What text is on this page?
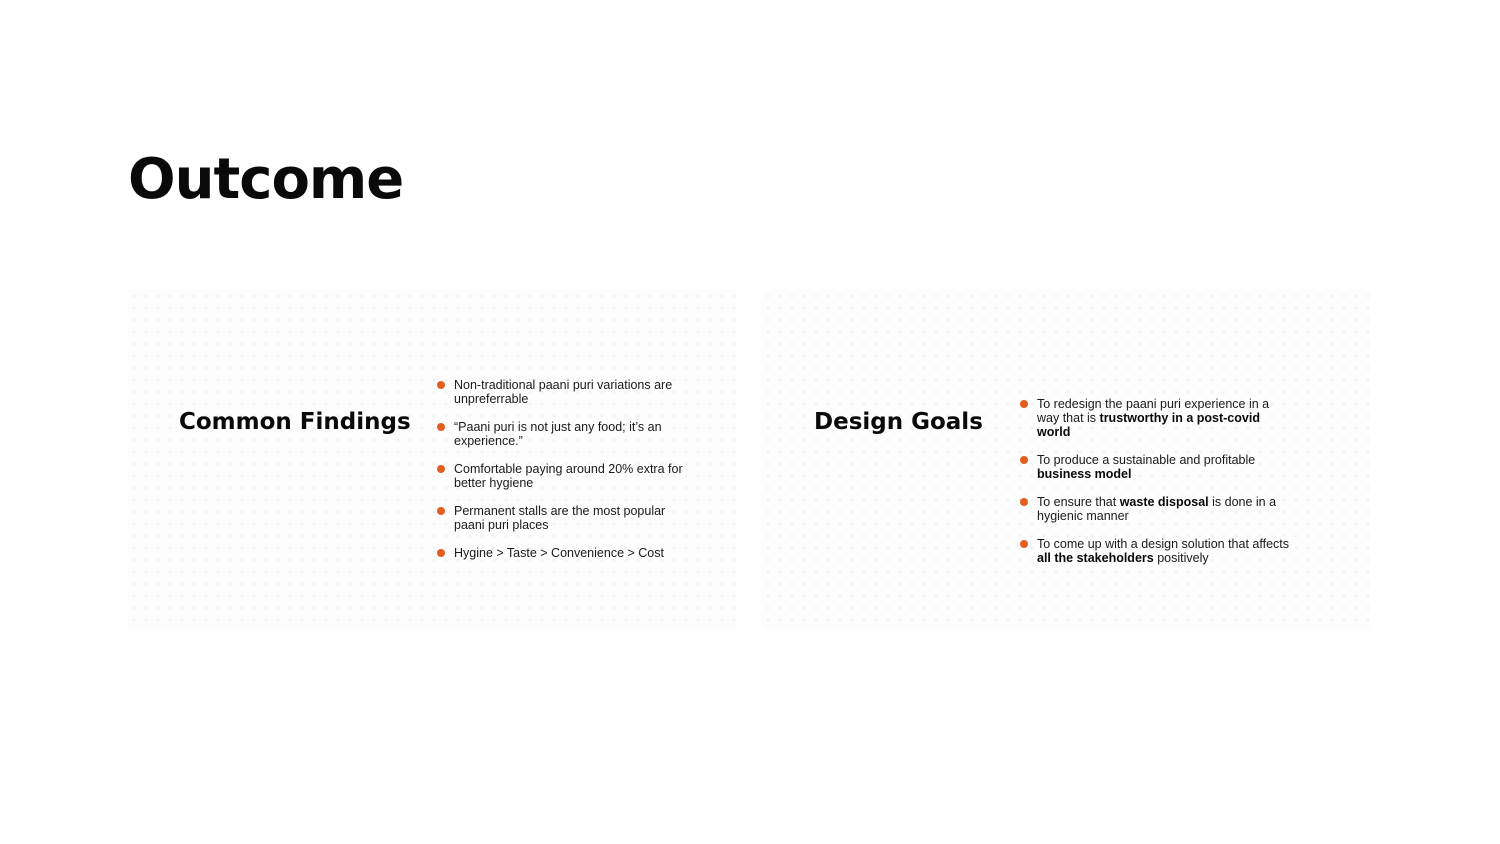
Outcome
Common Findings
Non-traditional paani puri variations are unpreferrable
“Paani puri is not just any food; it’s an experience.”
Comfortable paying around 20% extra for better hygiene
Permanent stalls are the most popular paani puri places
Hygine > Taste > Convenience > Cost
Design Goals
To redesign the paani puri experience in a way that is trustworthy in a post-covid world
To produce a sustainable and profitable business model
To ensure that waste disposal is done in a hygienic manner
To come up with a design solution that affects all the stakeholders positively
